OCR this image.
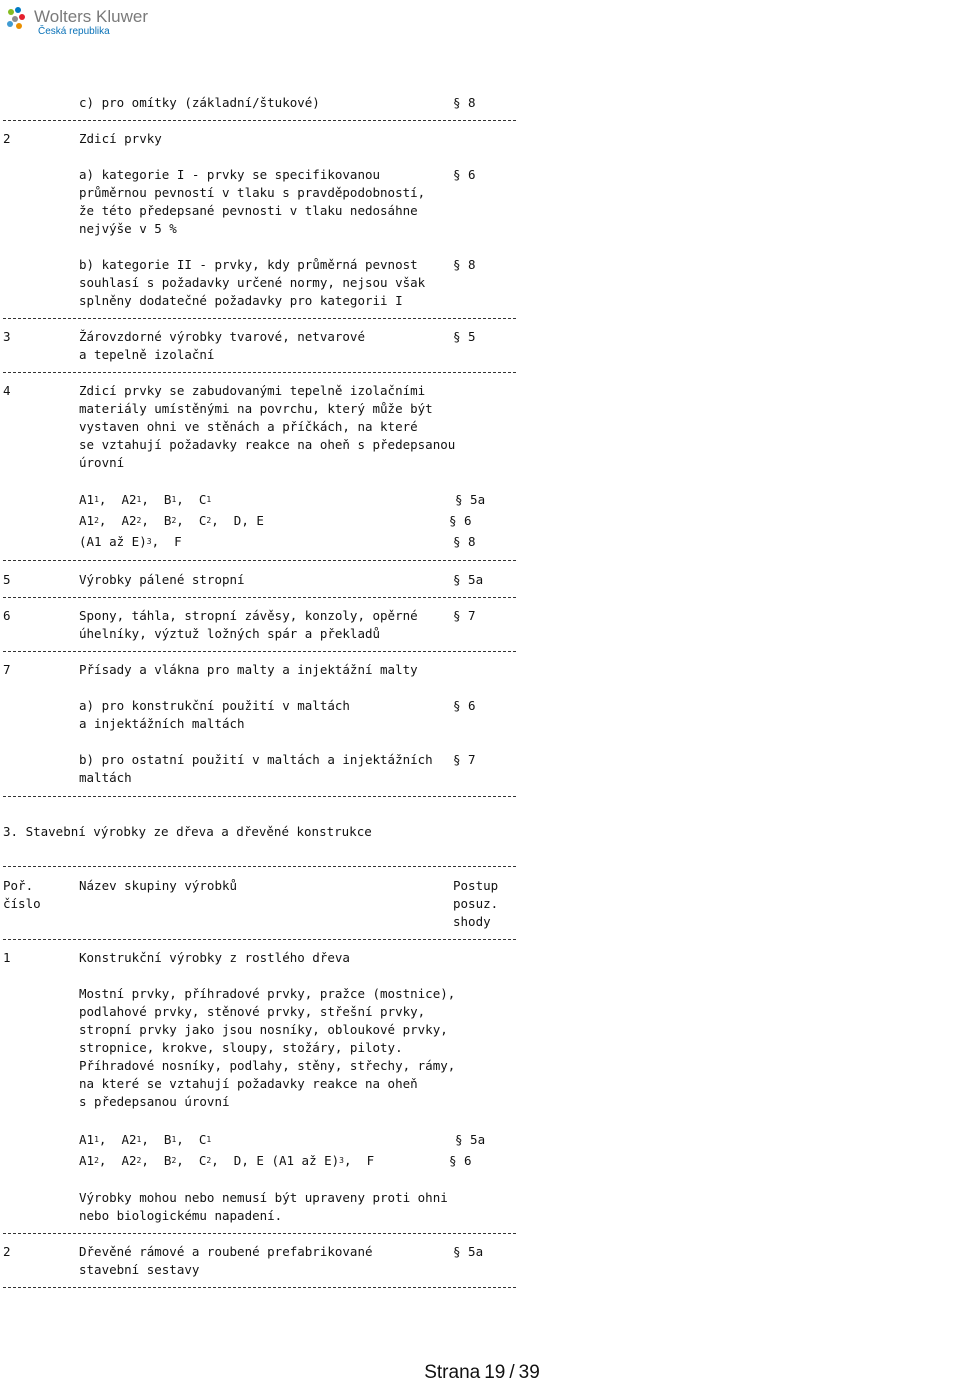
Wolters Kluwer
Česká republika
c) pro omítky (základní/štukové)	§ 8
2	Zdicí prvky
a) kategorie I - prvky se specifikovanou	§ 6
průměrnou pevností v tlaku s pravděpodobností,
že této předepsané pevnosti v tlaku nedosáhne
nejvýše v 5 %
b) kategorie II - prvky, kdy průměrná pevnost	§ 8
souhlasí s požadavky určené normy, nejsou však
splněny dodatečné požadavky pro kategorii I
3	Žárovzdorné výrobky tvarové, netvarové	§ 5
a tepelně izolační
4	Zdicí prvky se zabudovanými tepelně izolačními
materiály umístěnými na povrchu, který může být
vystaven ohni ve stěnách a příčkách, na které
se vztahují požadavky reakce na oheň s předepsanou
úrovní
$A1^1$,  $A2^1$,  $B^1$,  $C^1$	§ 5a
$A1^2$,  $A2^2$,  $B^2$,  $C^2$,  D, E	§ 6
(A1 až E)$^3$,  F	§ 8
5	Výrobky pálené stropní	§ 5a
6	Spony, táhla, stropní závěsy, konzoly, opěrné	§ 7
úhelníky, výztuž ložných spár a překladů
7	Přísady a vlákna pro malty a injektážní malty
a) pro konstrukční použití v maltách	§ 6
a injektážních maltách
b) pro ostatní použití v maltách a injektážních § 7
maltách
3. Stavební výrobky ze dřeva a dřevěné konstrukce
Poř.
číslo
Název skupiny výrobků	Postup
posuz.
shody
1	Konstrukční výrobky z rostlého dřeva
Mostní prvky, příhradové prvky, pražce (mostnice),
podlahové prvky, stěnové prvky, střešní prvky,
stropní prvky jako jsou nosníky, obloukové prvky,
stropnice, krokve, sloupy, stožáry, piloty.
Příhradové nosníky, podlahy, stěny, střechy, rámy,
na které se vztahují požadavky reakce na oheň
s předepsanou úrovní
$A1^1$,  $A2^1$,  $B^1$,  $C^1$	§ 5a
$A1^2$,  $A2^2$,  $B^2$,  $C^2$,  D, E (A1 až E)$^3$,  F	§ 6
Výrobky mohou nebo nemusí být upraveny proti ohni
nebo biologickému napadení.
2	Dřevěné rámové a roubené prefabrikované	§ 5a
stavební sestavy
Strana 19 / 39
